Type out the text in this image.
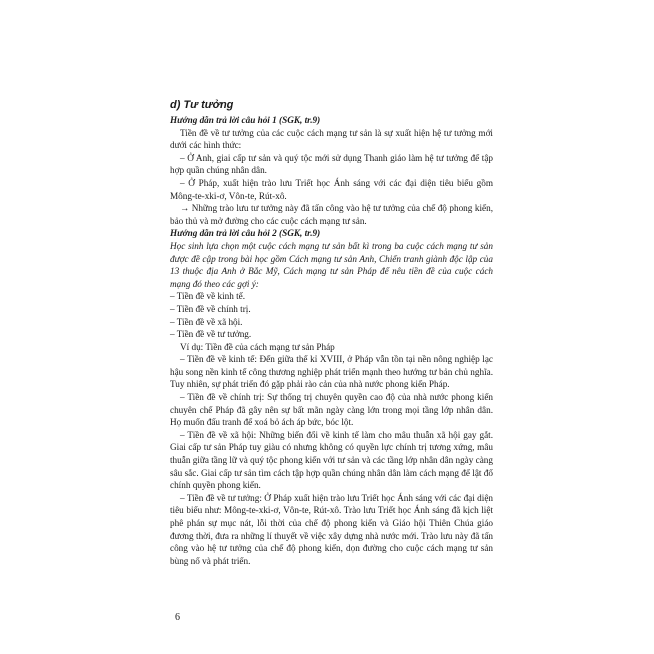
d) Tư tưởng
Hướng dẫn trả lời câu hỏi 1 (SGK, tr.9)

Tiền đề về tư tưởng của các cuộc cách mạng tư sản là sự xuất hiện hệ tư tưởng mới dưới các hình thức:

– Ở Anh, giai cấp tư sản và quý tộc mới sử dụng Thanh giáo làm hệ tư tưởng để tập hợp quần chúng nhân dân.

– Ở Pháp, xuất hiện trào lưu Triết học Ánh sáng với các đại diện tiêu biểu gồm Mông-te-xki-ơ, Vôn-te, Rút-xô.

→ Những trào lưu tư tưởng này đã tấn công vào hệ tư tưởng của chế độ phong kiến, bảo thủ và mở đường cho các cuộc cách mạng tư sản.

Hướng dẫn trả lời câu hỏi 2 (SGK, tr.9)

Học sinh lựa chọn một cuộc cách mạng tư sản bất kì trong ba cuộc cách mạng tư sản được đề cập trong bài học gồm Cách mạng tư sản Anh, Chiến tranh giành độc lập của 13 thuộc địa Anh ở Bắc Mỹ, Cách mạng tư sản Pháp để nêu tiền đề của cuộc cách mạng đó theo các gợi ý:

– Tiền đề về kinh tế.

– Tiền đề về chính trị.

– Tiền đề về xã hội.

– Tiền đề về tư tưởng.

Ví dụ: Tiền đề của cách mạng tư sản Pháp

– Tiền đề về kinh tế: Đến giữa thế kỉ XVIII, ở Pháp vẫn tồn tại nền nông nghiệp lạc hậu song nền kinh tế công thương nghiệp phát triển mạnh theo hướng tư bản chủ nghĩa. Tuy nhiên, sự phát triển đó gặp phải rào cản của nhà nước phong kiến Pháp.

– Tiền đề về chính trị: Sự thống trị chuyên quyền cao độ của nhà nước phong kiến chuyên chế Pháp đã gây nên sự bất mãn ngày càng lớn trong mọi tầng lớp nhân dân. Họ muốn đấu tranh để xoá bỏ ách áp bức, bóc lột.

– Tiền đề về xã hội: Những biến đổi về kinh tế làm cho mâu thuẫn xã hội gay gắt. Giai cấp tư sản Pháp tuy giàu có nhưng không có quyền lực chính trị tương xứng, mâu thuẫn giữa tầng lữ và quý tộc phong kiến với tư sản và các tầng lớp nhân dân ngày càng sâu sắc. Giai cấp tư sản tìm cách tập hợp quần chúng nhân dân làm cách mạng để lật đổ chính quyền phong kiến.

– Tiền đề về tư tưởng: Ở Pháp xuất hiện trào lưu Triết học Ánh sáng với các đại diện tiêu biểu như: Mông-te-xki-ơ, Vôn-te, Rút-xô. Trào lưu Triết học Ánh sáng đã kịch liệt phê phán sự mục nát, lỗi thời của chế độ phong kiến và Giáo hội Thiên Chúa giáo đương thời, đưa ra những lí thuyết về việc xây dựng nhà nước mới. Trào lưu này đã tấn công vào hệ tư tưởng của chế độ phong kiến, dọn đường cho cuộc cách mạng tư sản bùng nổ và phát triển.

6
